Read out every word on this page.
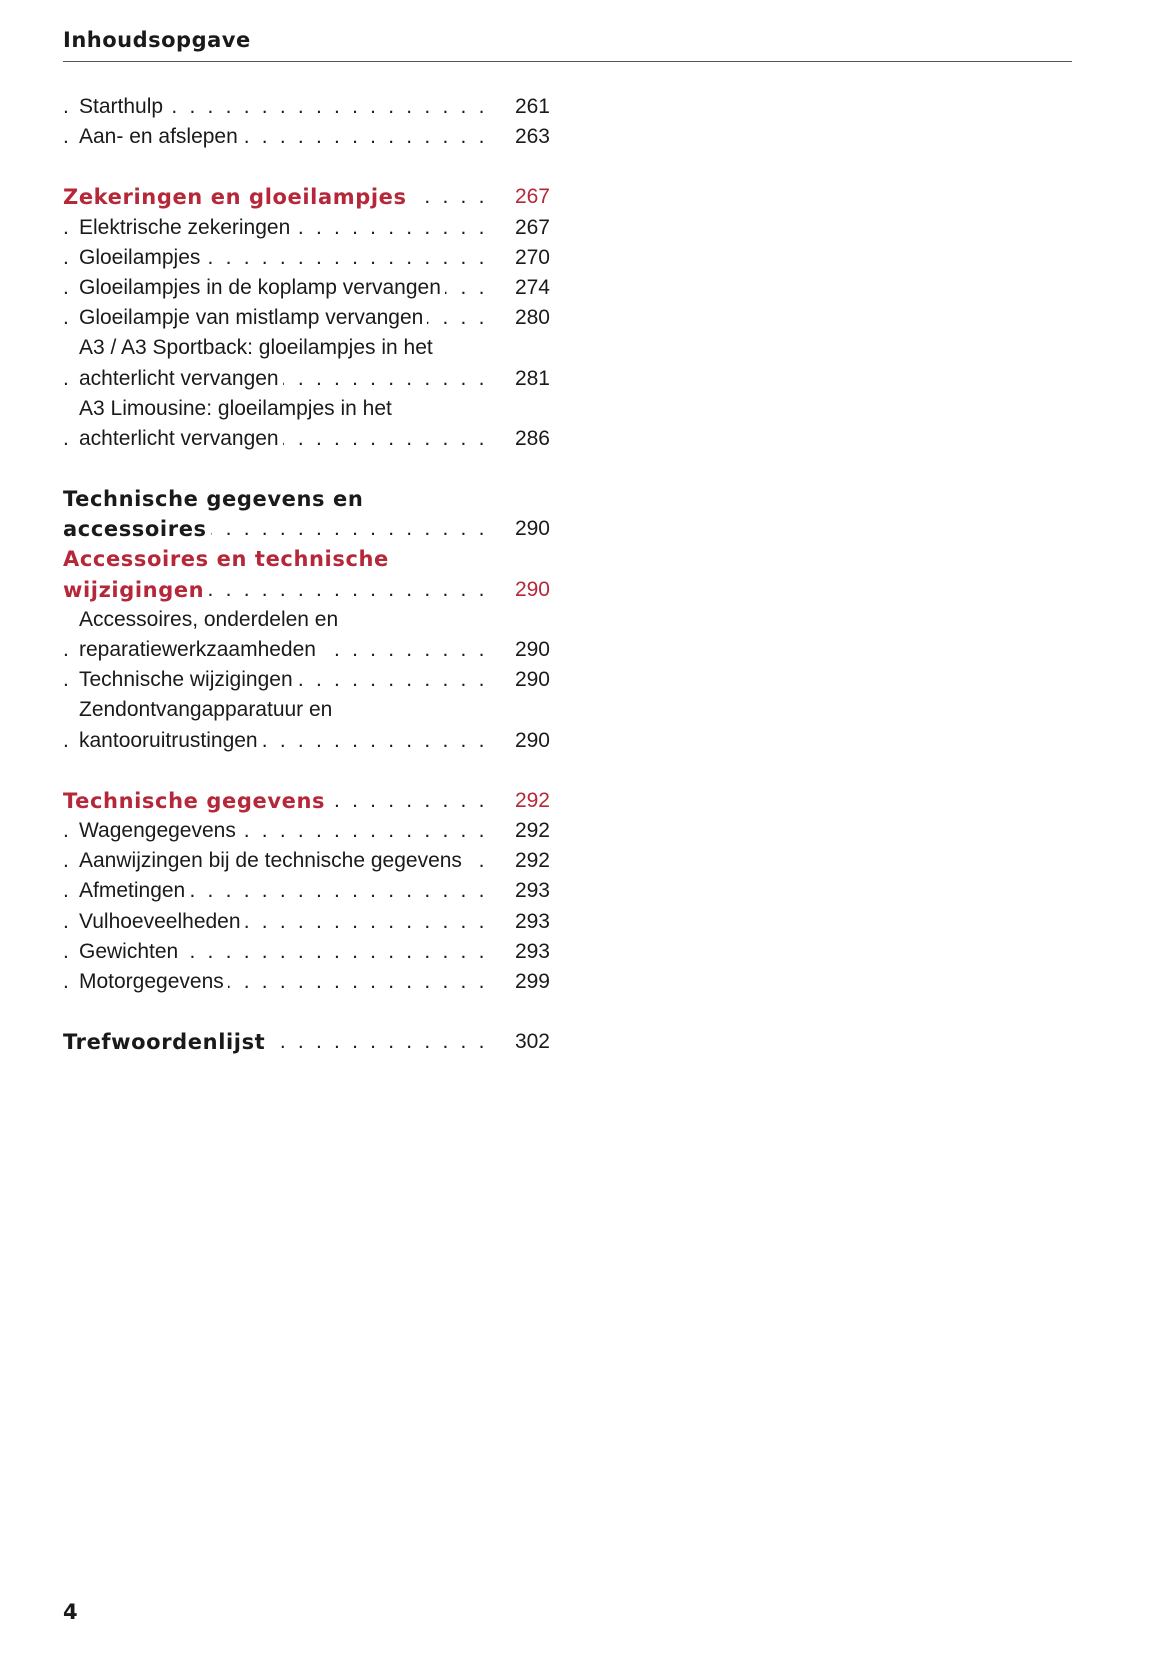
Inhoudsopgave
Starthulp . . .	261
Aan- en afslepen . . .	263
Zekeringen en gloeilampjes . . .	267
Elektrische zekeringen . . .	267
Gloeilampjes . . .	270
Gloeilampjes in de koplamp vervangen . . .	274
Gloeilampje van mistlamp vervangen . . .	280
A3 / A3 Sportback: gloeilampjes in het
achterlicht vervangen . . .	281
A3 Limousine: gloeilampjes in het
achterlicht vervangen . . .	286
Technische gegevens en
accessoires . . .	290
Accessoires en technische
wijzigingen . . .	290
Accessoires, onderdelen en
reparatiewerkzaamheden . . .	290
Technische wijzigingen . . .	290
Zendontvangapparatuur en
kantooruitrustingen . . .	290
Technische gegevens . . .	292
Wagengegevens . . .	292
Aanwijzingen bij de technische gegevens . . .	292
Afmetingen . . .	293
Vulhoeveelheden . . .	293
Gewichten . . .	293
Motorgegevens . . .	299
Trefwoordenlijst . . .	302
4
